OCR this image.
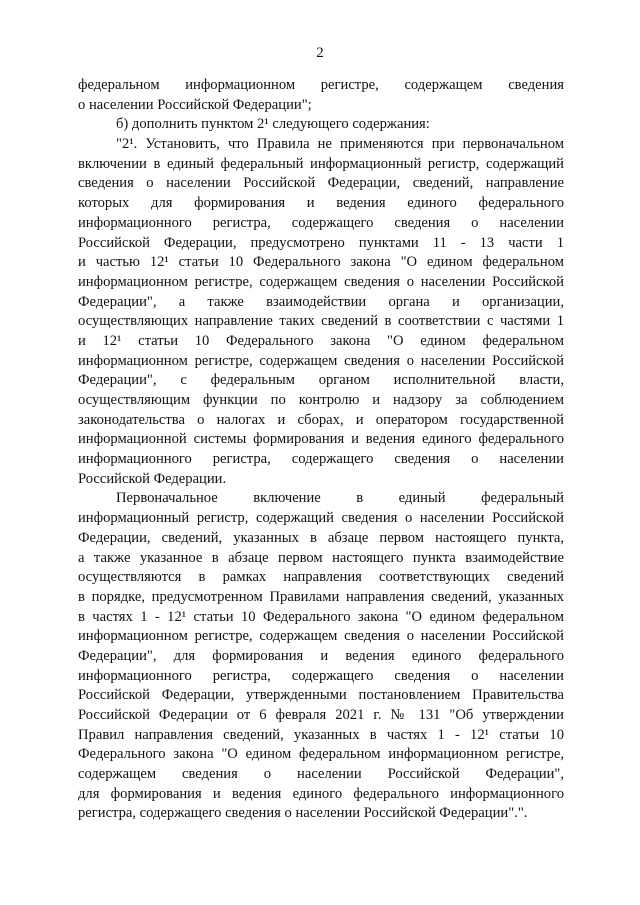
2
федеральном информационном регистре, содержащем сведения
о населении Российской Федерации";
б) дополнить пунктом 2¹ следующего содержания:
"2¹. Установить, что Правила не применяются при первоначальном
включении в единый федеральный информационный регистр, содержащий
сведения о населении Российской Федерации, сведений, направление
которых для формирования и ведения единого федерального
информационного регистра, содержащего сведения о населении
Российской Федерации, предусмотрено пунктами 11 - 13 части 1
и частью 12¹ статьи 10 Федерального закона "О едином федеральном
информационном регистре, содержащем сведения о населении Российской
Федерации", а также взаимодействии органа и организации,
осуществляющих направление таких сведений в соответствии с частями 1
и 12¹ статьи 10 Федерального закона "О едином федеральном
информационном регистре, содержащем сведения о населении Российской
Федерации", с федеральным органом исполнительной власти,
осуществляющим функции по контролю и надзору за соблюдением
законодательства о налогах и сборах, и оператором государственной
информационной системы формирования и ведения единого федерального
информационного регистра, содержащего сведения о населении
Российской Федерации.
Первоначальное включение в единый федеральный
информационный регистр, содержащий сведения о населении Российской
Федерации, сведений, указанных в абзаце первом настоящего пункта,
а также указанное в абзаце первом настоящего пункта взаимодействие
осуществляются в рамках направления соответствующих сведений
в порядке, предусмотренном Правилами направления сведений, указанных
в частях 1 - 12¹ статьи 10 Федерального закона "О едином федеральном
информационном регистре, содержащем сведения о населении Российской
Федерации", для формирования и ведения единого федерального
информационного регистра, содержащего сведения о населении
Российской Федерации, утвержденными постановлением Правительства
Российской Федерации от 6 февраля 2021 г. № 131 "Об утверждении
Правил направления сведений, указанных в частях 1 - 12¹ статьи 10
Федерального закона "О едином федеральном информационном регистре,
содержащем сведения о населении Российской Федерации",
для формирования и ведения единого федерального информационного
регистра, содержащего сведения о населении Российской Федерации".".
